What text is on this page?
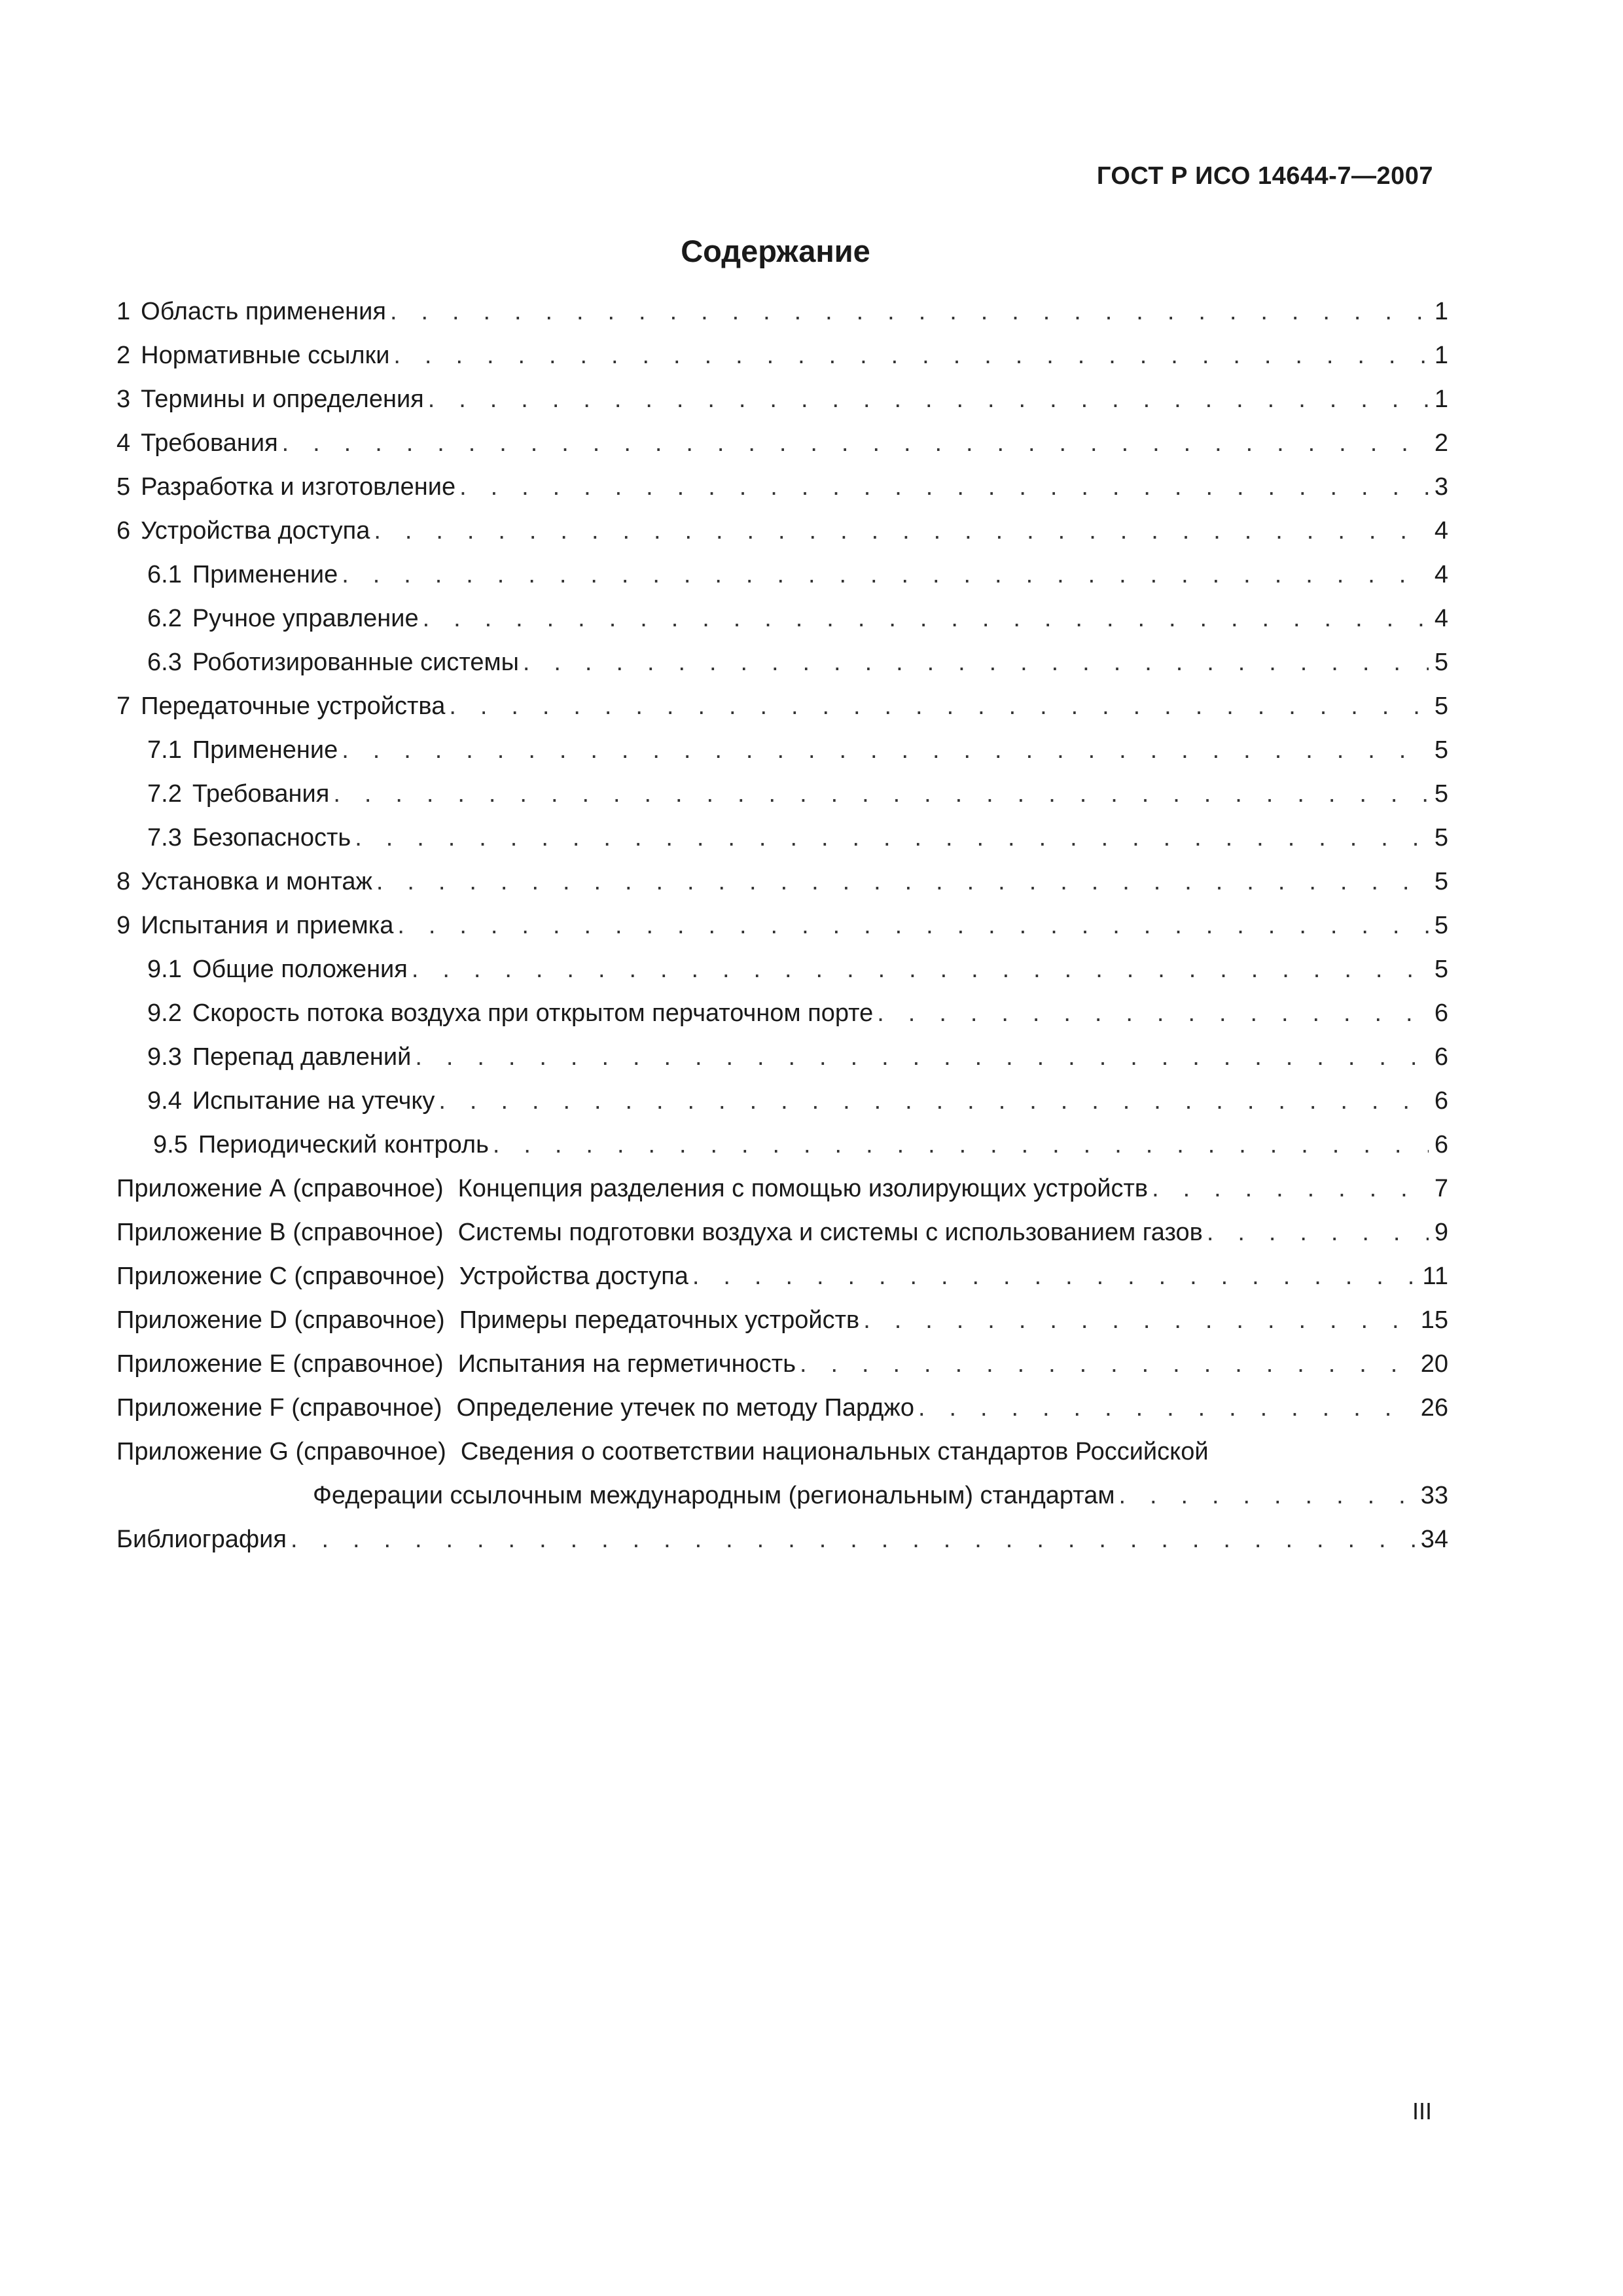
ГОСТ Р ИСО 14644-7—2007
Содержание
1 Область применения . . .	1
2 Нормативные ссылки . . .	1
3 Термины и определения . . .	1
4 Требования . . .	2
5 Разработка и изготовление . . .	3
6 Устройства доступа . . .	4
6.1 Применение . . .	4
6.2 Ручное управление . . .	4
6.3 Роботизированные системы . . .	5
7 Передаточные устройства . . .	5
7.1 Применение . . .	5
7.2 Требования . . .	5
7.3 Безопасность . . .	5
8 Установка и монтаж . . .	5
9 Испытания и приемка . . .	5
9.1 Общие положения . . .	5
9.2 Скорость потока воздуха при открытом перчаточном порте . . .	6
9.3 Перепад давлений . . .	6
9.4 Испытание на утечку . . .	6
9.5 Периодический контроль . . .	6
Приложение А (справочное) Концепция разделения с помощью изолирующих устройств . . .	7
Приложение В (справочное) Системы подготовки воздуха и системы с использованием газов . . .	9
Приложение С (справочное) Устройства доступа . . .	11
Приложение D (справочное) Примеры передаточных устройств . . .	15
Приложение Е (справочное) Испытания на герметичность . . .	20
Приложение F (справочное) Определение утечек по методу Парджо . . .	26
Приложение G (справочное) Сведения о соответствии национальных стандартов Российской
Федерации ссылочным международным (региональным) стандартам . . .	33
Библиография . . .	34
III
